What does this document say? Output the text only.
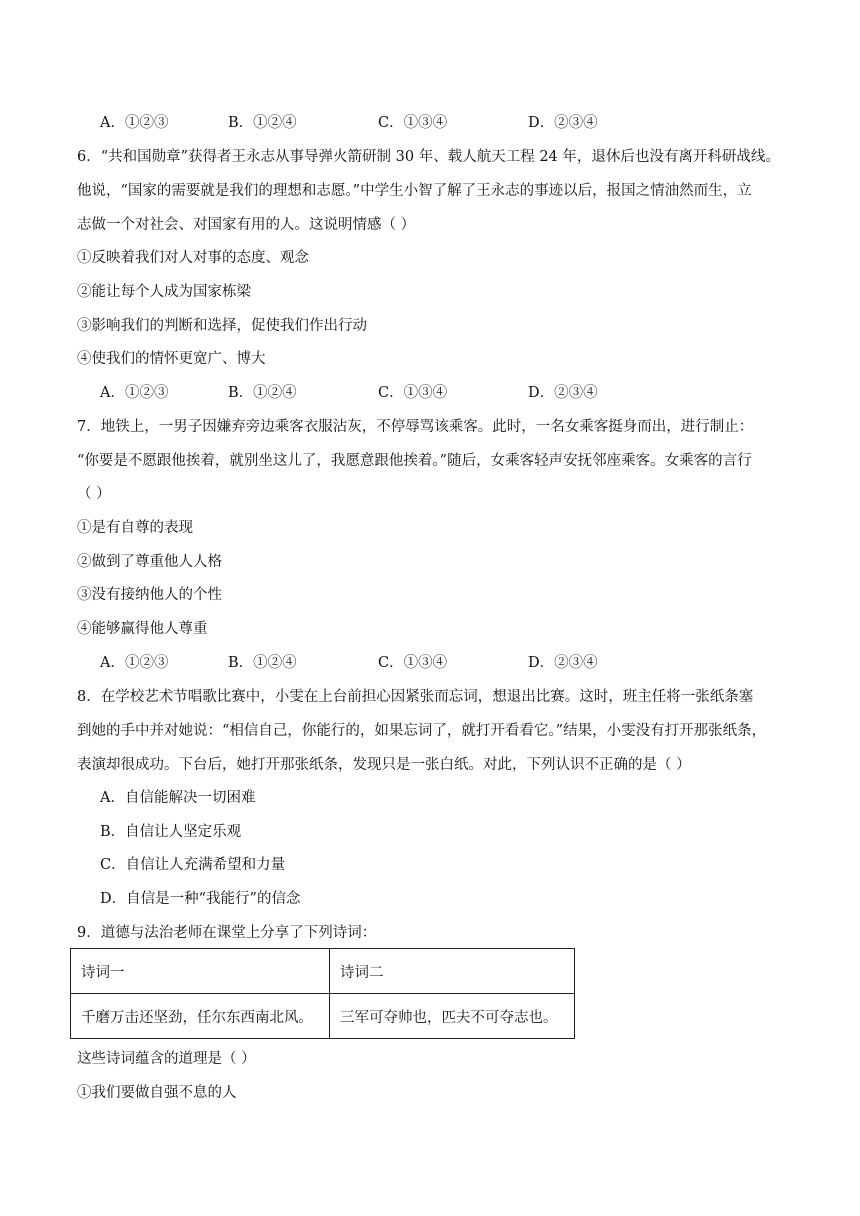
A．①②③	B．①②④	C．①③④	D．②③④
6．“共和国勋章”获得者王永志从事导弹火箭研制 30 年、载人航天工程 24 年，退休后也没有离开科研战线。
他说，“国家的需要就是我们的理想和志愿。”中学生小智了解了王永志的事迹以后，报国之情油然而生，立
志做一个对社会、对国家有用的人。这说明情感（ ）
①反映着我们对人对事的态度、观念
②能让每个人成为国家栋梁
③影响我们的判断和选择，促使我们作出行动
④使我们的情怀更宽广、博大
A．①②③	B．①②④	C．①③④	D．②③④
7．地铁上，一男子因嫌弃旁边乘客衣服沾灰，不停辱骂该乘客。此时，一名女乘客挺身而出，进行制止：
“你要是不愿跟他挨着，就别坐这儿了，我愿意跟他挨着。”随后，女乘客轻声安抚邻座乘客。女乘客的言行
（ ）
①是有自尊的表现
②做到了尊重他人人格
③没有接纳他人的个性
④能够赢得他人尊重
A．①②③	B．①②④	C．①③④	D．②③④
8．在学校艺术节唱歌比赛中，小雯在上台前担心因紧张而忘词，想退出比赛。这时，班主任将一张纸条塞
到她的手中并对她说：“相信自己，你能行的，如果忘词了，就打开看看它。”结果，小雯没有打开那张纸条，
表演却很成功。下台后，她打开那张纸条，发现只是一张白纸。对此，下列认识不正确的是（ ）
A．自信能解决一切困难
B．自信让人坚定乐观
C．自信让人充满希望和力量
D．自信是一种“我能行”的信念
9．道德与法治老师在课堂上分享了下列诗词：
诗词一	诗词二
千磨万击还坚劲，任尔东西南北风。	三军可夺帅也，匹夫不可夺志也。
这些诗词蕴含的道理是（ ）
①我们要做自强不息的人
